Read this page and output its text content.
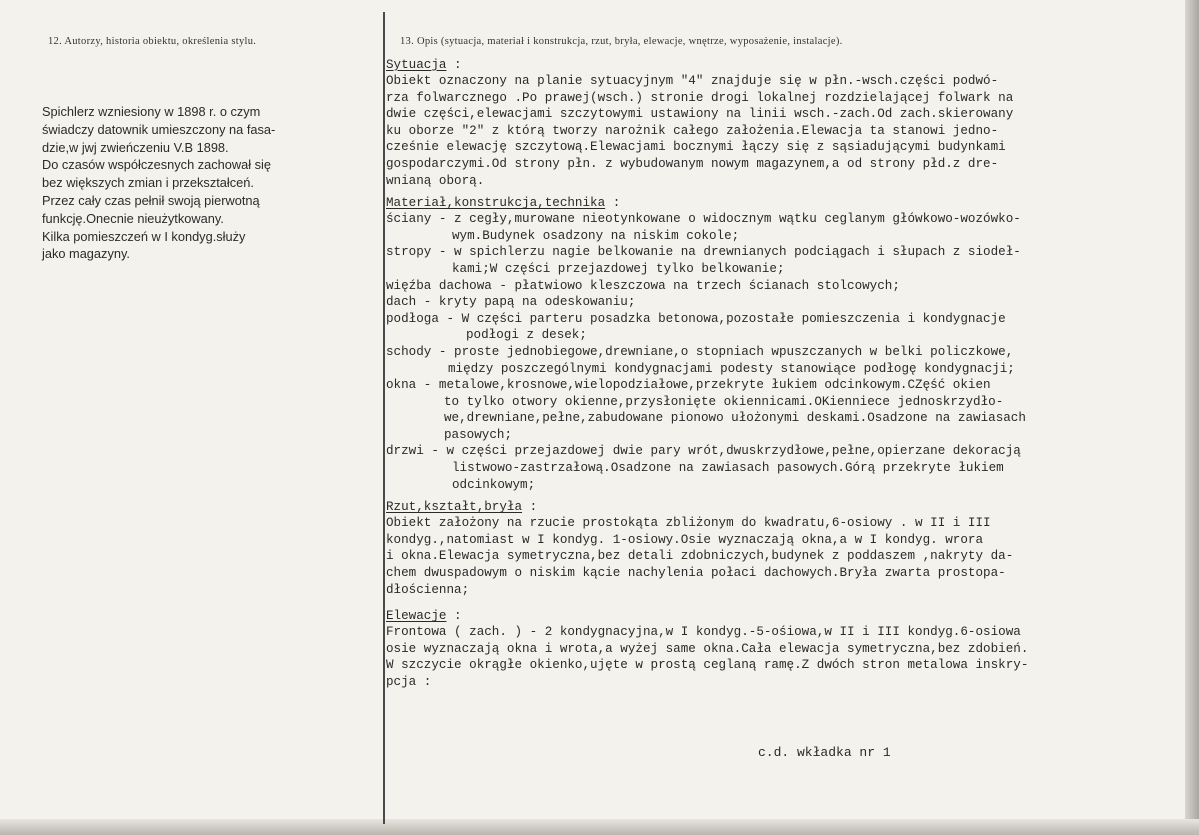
12. Autorzy, historia obiektu, określenia stylu.
Spichlerz wzniesiony w 1898 r. o czym
świadczy datownik umieszczony na fasa-
dzie,w jwj zwieńczeniu V.B 1898.
Do czasów współczesnych zachował się
bez większych zmian i przekształceń.
Przez cały czas pełnił swoją pierwotną
funkcję.Onecnie nieużytkowany.
Kilka pomieszczeń w I kondyg.służy
jako magazyny.
13. Opis (sytuacja, materiał i konstrukcja, rzut, bryła, elewacje, wnętrze, wyposażenie, instalacje).
Sytuacja :
Obiekt oznaczony na planie sytuacyjnym "4" znajduje się w płn.-wsch.części podwó-
rza folwarcznego .Po prawej(wsch.) stronie drogi lokalnej rozdzielającej folwark na
dwie części,elewacjami szczytowymi ustawiony na linii wsch.-zach.Od zach.skierowany
ku oborze "2" z którą tworzy narożnik całego założenia.Elewacja ta stanowi jedno-
cześnie elewację szczytową.Elewacjami bocznymi łączy się z sąsiadującymi budynkami
gospodarczymi.Od strony płn. z wybudowanym nowym magazynem,a od strony płd.z dre-
wnianą oborą.
Materiał,konstrukcja,technika :
ściany - z cegły,murowane nieotynkowane o widocznym wątku ceglanym główkowo-wozówko-
wym.Budynek osadzony na niskim cokole;
stropy - w spichlerzu nagie belkowanie na drewnianych podciągach i słupach z siodeł-
kami;W części przejazdowej tylko belkowanie;
więźba dachowa - płatwiowo kleszczowa na trzech ścianach stolcowych;
dach - kryty papą na odeskowaniu;
podłoga - W części parteru posadzka betonowa,pozostałe pomieszczenia i kondygnacje
podłogi z desek;
schody - proste jednobiegowe,drewniane,o stopniach wpuszczanych w belki policzkowe,
między poszczególnymi kondygnacjami podesty stanowiące podłogę kondygnacji;
okna - metalowe,krosnowe,wielopodziałowe,przekryte łukiem odcinkowym.CZęść okien
to tylko otwory okienne,przysłonięte okiennicami.OKienniece jednoskrzydło-
we,drewniane,pełne,zabudowane pionowo ułożonymi deskami.Osadzone na zawiasach
pasowych;
drzwi - w części przejazdowej dwie pary wrót,dwuskrzydłowe,pełne,opierzane dekoracją
listwowo-zastrzałową.Osadzone na zawiasach pasowych.Górą przekryte łukiem
odcinkowym;
Rzut,kształt,bryła :
Obiekt założony na rzucie prostokąta zbliżonym do kwadratu,6-osiowy . w II i III
kondyg.,natomiast w I kondyg. 1-osiowy.Osie wyznaczają okna,a w I kondyg. wrora
i okna.Elewacja symetryczna,bez detali zdobniczych,budynek z poddaszem ,nakryty da-
chem dwuspadowym o niskim kącie nachylenia połaci dachowych.Bryła zwarta prostopa-
dłościenna;
Elewacje :
Frontowa ( zach. ) - 2 kondygnacyjna,w I kondyg.-5-ośiowa,w II i III kondyg.6-osiowa
osie wyznaczają okna i wrota,a wyżej same okna.Cała elewacja symetryczna,bez zdobień.
W szczycie okrągłe okienko,ujęte w prostą ceglaną ramę.Z dwóch stron metalowa inskry-
pcja :
c.d. wkładka nr 1
